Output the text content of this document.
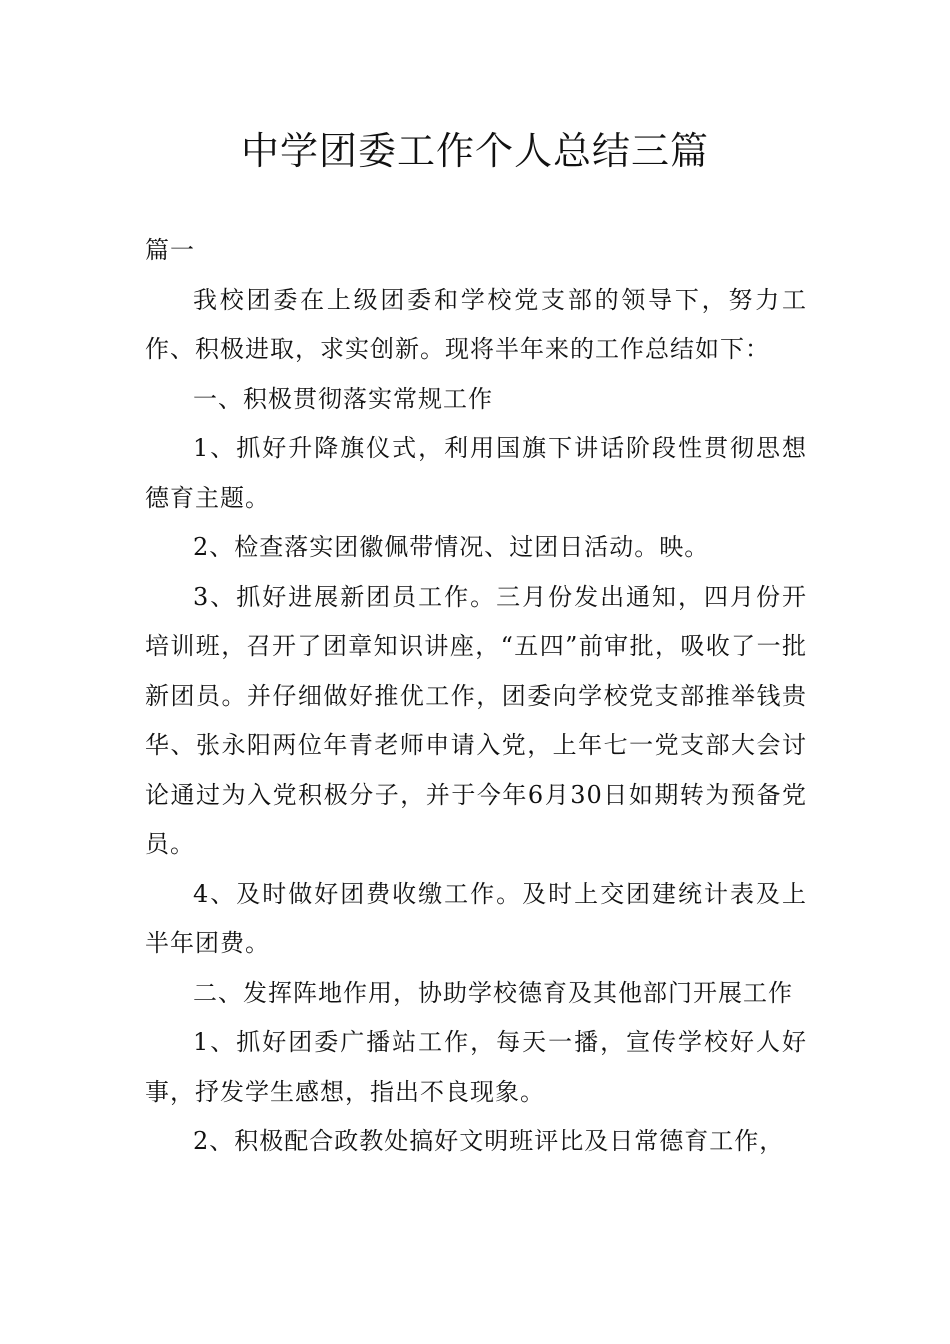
中学团委工作个人总结三篇

篇一

我校团委在上级团委和学校党支部的领导下，努力工作、积极进取，求实创新。现将半年来的工作总结如下：

一、积极贯彻落实常规工作

1、抓好升降旗仪式，利用国旗下讲话阶段性贯彻思想德育主题。

2、检查落实团徽佩带情况、过团日活动。映。

3、抓好进展新团员工作。三月份发出通知，四月份开培训班，召开了团章知识讲座，“五四”前审批，吸收了一批新团员。并仔细做好推优工作，团委向学校党支部推举钱贵华、张永阳两位年青老师申请入党，上年七一党支部大会讨论通过为入党积极分子，并于今年6月30日如期转为预备党员。

4、及时做好团费收缴工作。及时上交团建统计表及上半年团费。

二、发挥阵地作用，协助学校德育及其他部门开展工作

1、抓好团委广播站工作，每天一播，宣传学校好人好事，抒发学生感想，指出不良现象。

2、积极配合政教处搞好文明班评比及日常德育工作，
